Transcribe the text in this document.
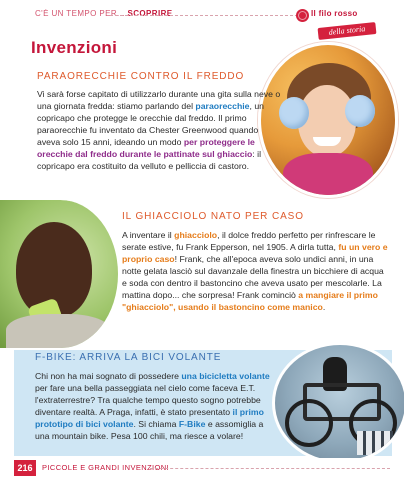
C'È UN TEMPO PER... SCOPRIRE	Il filo rosso
della storia
Invenzioni
PARAORECCHIE CONTRO IL FREDDO
Vi sarà forse capitato di utilizzarlo durante una gita sulla neve o una giornata fredda: stiamo parlando del paraorecchie, un copricapo che protegge le orecchie dal freddo. Il primo paraorecchie fu inventato da Chester Greenwood quando aveva solo 15 anni, ideando un modo per proteggere le orecchie dal freddo durante le pattinate sul ghiaccio: il copricapo era costituito da velluto e pelliccia di castoro.
IL GHIACCIOLO NATO PER CASO
A inventare il ghiacciolo, il dolce freddo perfetto per rinfrescare le serate estive, fu Frank Epperson, nel 1905. A dirla tutta, fu un vero e proprio caso! Frank, che all'epoca aveva solo undici anni, in una notte gelata lasciò sul davanzale della finestra un bicchiere di acqua e soda con dentro il bastoncino che aveva usato per mescolarle. La mattina dopo... che sorpresa! Frank cominciò a mangiare il primo "ghiacciolo", usando il bastoncino come manico.
F-BIKE: ARRIVA LA BICI VOLANTE
Chi non ha mai sognato di possedere una bicicletta volante per fare una bella passeggiata nel cielo come faceva E.T. l'extraterrestre? Tra qualche tempo questo sogno potrebbe diventare realtà. A Praga, infatti, è stato presentato il primo prototipo di bici volante. Si chiama F-Bike e assomiglia a una mountain bike. Pesa 100 chili, ma riesce a volare!
216	PICCOLE E GRANDI INVENZIONI
